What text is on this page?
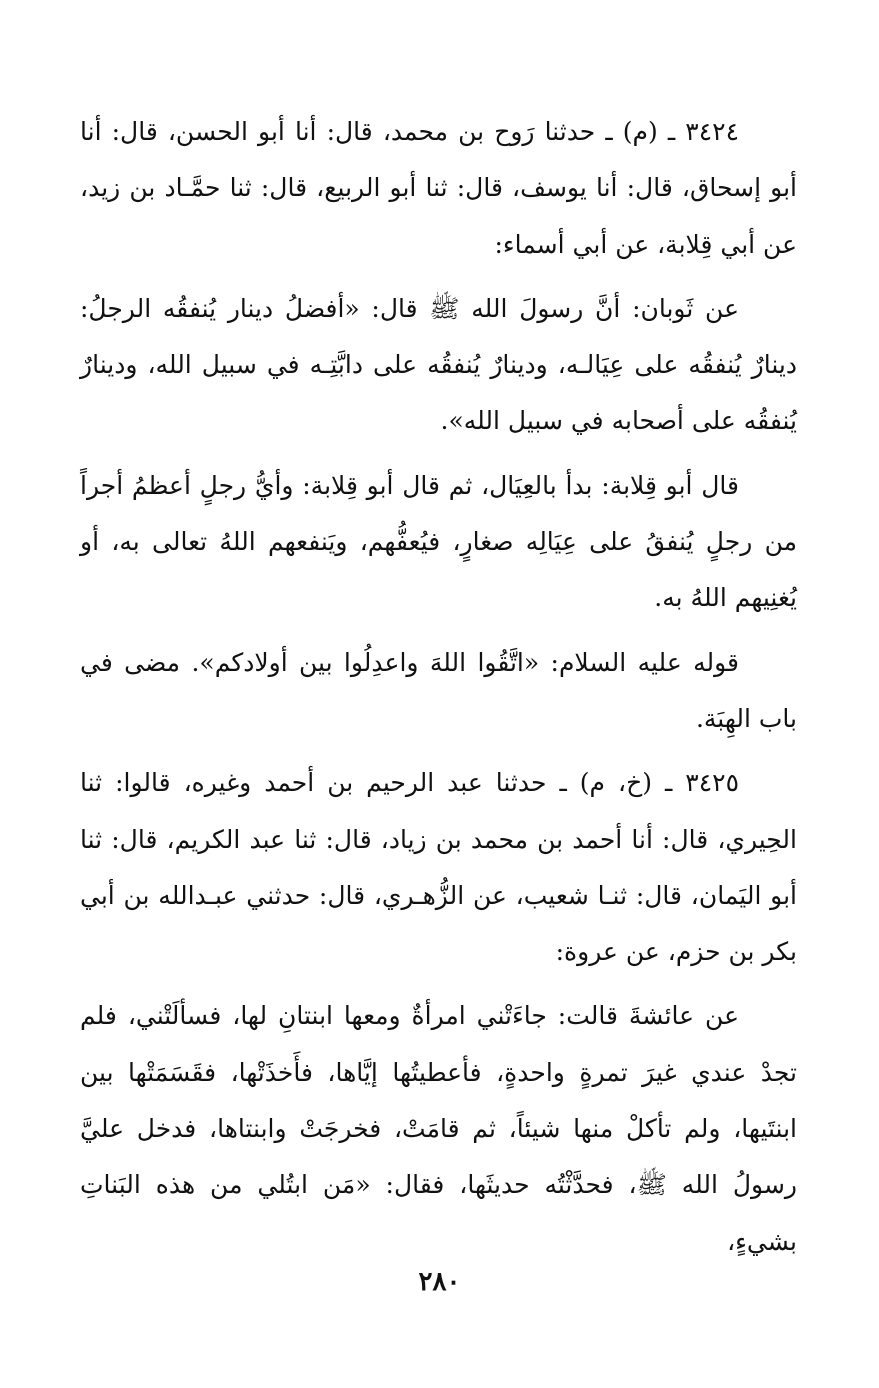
٣٤٢٤ ـ (م) ـ حدثنا رَوح بن محمد، قال: أنا أبو الحسن، قال: أنا أبو إسحاق، قال: أنا يوسف، قال: ثنا أبو الربيع، قال: ثنا حمَّـاد بن زيد، عن أبي قِلابة، عن أبي أسماء:

عن ثَوبان: أنَّ رسولَ الله ﷺ قال: «أفضلُ دينار يُنفقُه الرجلُ: دينارٌ يُنفقُه على عِيَالـه، ودينارٌ يُنفقُه على دابَّتِـه في سبيل الله، ودينارٌ يُنفقُه على أصحابه في سبيل الله».

قال أبو قِلابة: بدأ بالعِيَال، ثم قال أبو قِلابة: وأيُّ رجلٍ أعظمُ أجراً من رجلٍ يُنفقُ على عِيَالِه صغارٍ، فيُعفُّهم، ويَنفعهم اللهُ تعالى به، أو يُغنِيهم اللهُ به.

قوله عليه السلام: «اتَّقُوا اللهَ واعدِلُوا بين أولادكم». مضى في باب الهِبَة.

٣٤٢٥ ـ (خ، م) ـ حدثنا عبد الرحيم بن أحمد وغيره، قالوا: ثنا الحِيري، قال: أنا أحمد بن محمد بن زياد، قال: ثنا عبد الكريم، قال: ثنا أبو اليَمان، قال: ثنـا شعيب، عن الزُّهـري، قال: حدثني عبـدالله بن أبي بكر بن حزم، عن عروة:

عن عائشةَ قالت: جاءَتْني امرأةٌ ومعها ابنتانِ لها، فسألَتْني، فلم تجدْ عندي غيرَ تمرةٍ واحدةٍ، فأعطيتُها إيَّاها، فأَخذَتْها، فقَسَمَتْها بين ابنتَيها، ولم تأكلْ منها شيئاً، ثم قامَتْ، فخرجَتْ وابنتاها، فدخل عليَّ رسولُ الله ﷺ، فحدَّثْتُه حديثَها، فقال: «مَن ابتُلي من هذه البَناتِ بشيءٍ،

٢٨٠
